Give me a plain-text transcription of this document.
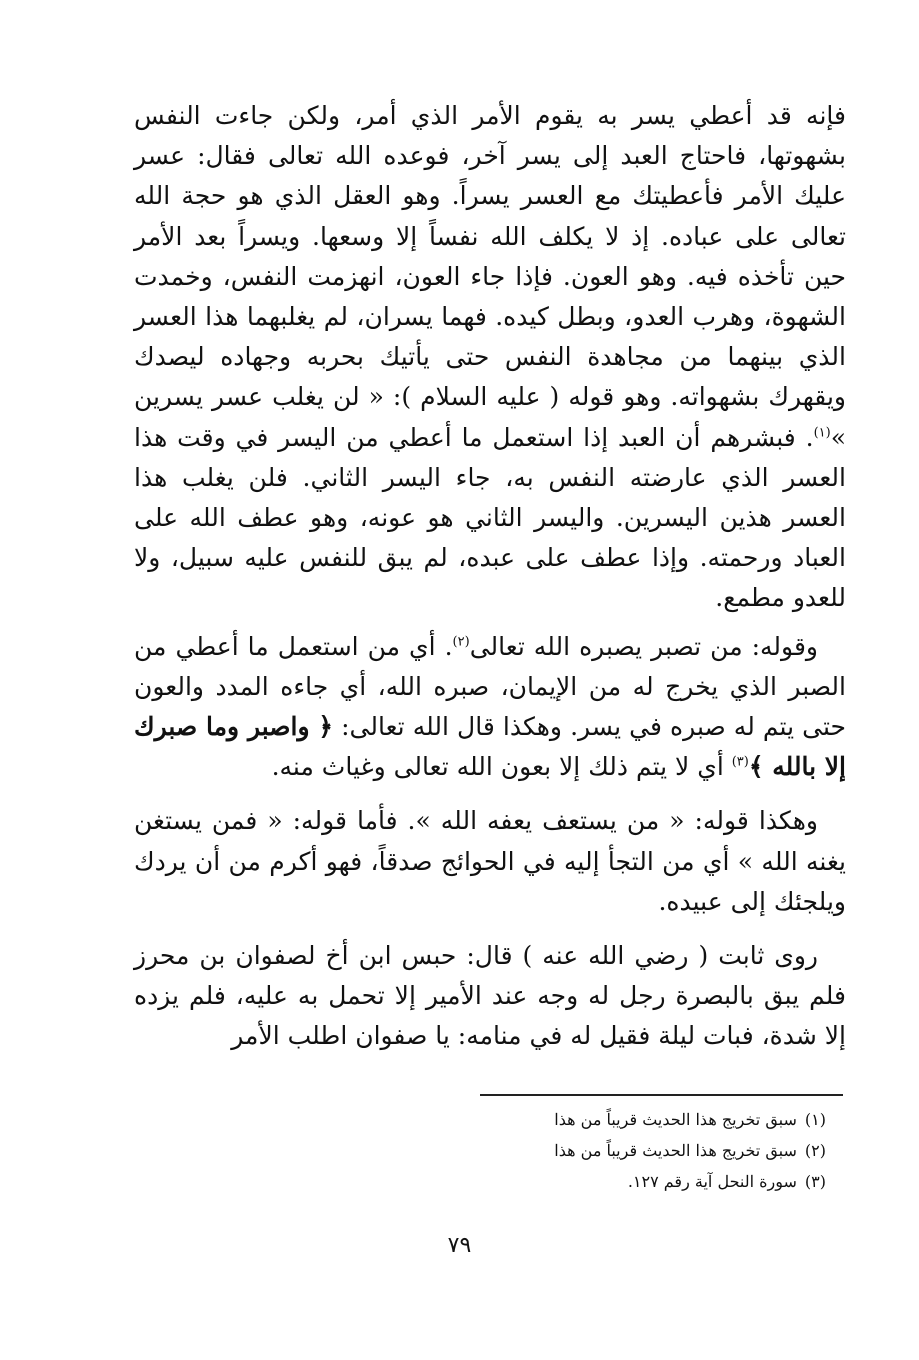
فإنه قد أعطي يسر به يقوم الأمر الذي أمر، ولكن جاءت النفس بشهوتها، فاحتاج العبد إلى يسر آخر، فوعده الله تعالى فقال: عسر عليك الأمر فأعطيتك مع العسر يسراً. وهو العقل الذي هو حجة الله تعالى على عباده. إذ لا يكلف الله نفساً إلا وسعها. ويسراً بعد الأمر حين تأخذه فيه. وهو العون. فإذا جاء العون، انهزمت النفس، وخمدت الشهوة، وهرب العدو، وبطل كيده. فهما يسران، لم يغلبهما هذا العسر الذي بينهما من مجاهدة النفس حتى يأتيك بحربه وجهاده ليصدك ويقهرك بشهواته. وهو قوله ( عليه السلام ): « لن يغلب عسر يسرين »$^{(١)}$. فبشرهم أن العبد إذا استعمل ما أعطي من اليسر في وقت هذا العسر الذي عارضته النفس به، جاء اليسر الثاني. فلن يغلب هذا العسر هذين اليسرين. واليسر الثاني هو عونه، وهو عطف الله على العباد ورحمته. وإذا عطف على عبده، لم يبق للنفس عليه سبيل، ولا للعدو مطمع.

وقوله: من تصبر يصبره الله تعالى$^{(٢)}$. أي من استعمل ما أعطي من الصبر الذي يخرج له من الإيمان، صبره الله، أي جاءه المدد والعون حتى يتم له صبره في يسر. وهكذا قال الله تعالى: ﴿ واصبر وما صبرك إلا بالله ﴾$^{(٣)}$ أي لا يتم ذلك إلا بعون الله تعالى وغياث منه.

وهكذا قوله: « من يستعف يعفه الله ». فأما قوله: « فمن يستغن يغنه الله » أي من التجأ إليه في الحوائج صدقاً، فهو أكرم من أن يردك ويلجئك إلى عبيده.

روى ثابت ( رضي الله عنه ) قال: حبس ابن أخ لصفوان بن محرز فلم يبق بالبصرة رجل له وجه عند الأمير إلا تحمل به عليه، فلم يزده إلا شدة، فبات ليلة فقيل له في منامه: يا صفوان اطلب الأمر

(١)سبق تخريج هذا الحديث قريباً من هذا
(٢)سبق تخريج هذا الحديث قريباً من هذا
(٣)سورة النحل آية رقم ١٢٧.
٧٩
